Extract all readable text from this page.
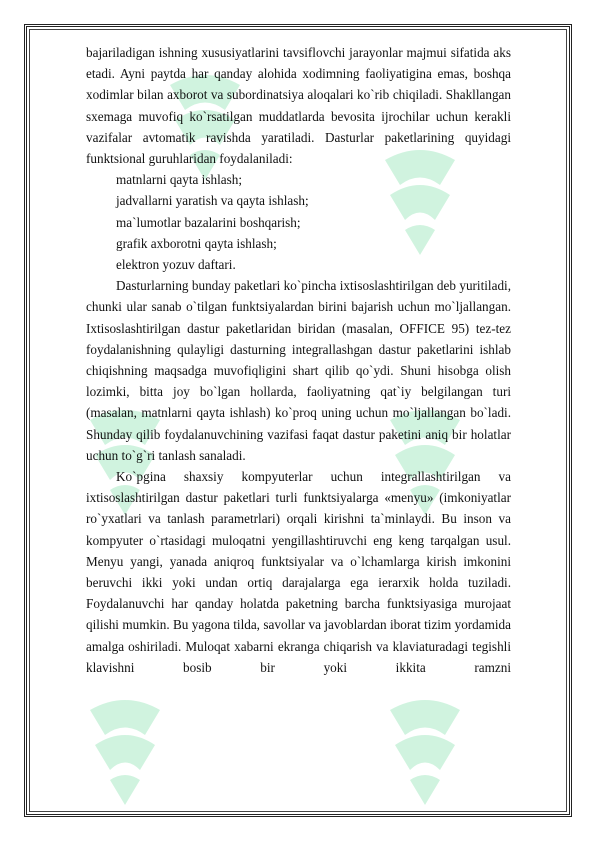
bajariladigan ishning xususiyatlarini tavsiflovchi jarayonlar majmui sifatida aks etadi. Ayni paytda har qanday alohida xodimning faoliyatigina emas, boshqa xodimlar bilan axborot va subordinatsiya aloqalari ko`rib chiqiladi. Shakllangan sxemaga muvofiq ko`rsatilgan muddatlarda bevosita ijrochilar uchun kerakli vazifalar avtomatik ravishda yaratiladi. Dasturlar paketlarining quyidagi funktsional guruhlaridan foydalaniladi:

matnlarni qayta ishlash;

jadvallarni yaratish va qayta ishlash;

ma`lumotlar bazalarini boshqarish;

grafik axborotni qayta ishlash;

elektron yozuv daftari.

Dasturlarning bunday paketlari ko`pincha ixtisoslashtirilgan deb yuritiladi, chunki ular sanab o`tilgan funktsiyalardan birini bajarish uchun mo`ljallangan. Ixtisoslashtirilgan dastur paketlaridan biridan (masalan, OFFICE 95) tez-tez foydalanishning qulayligi dasturning integrallashgan dastur paketlarini ishlab chiqishning maqsadga muvofiqligini shart qilib qo`ydi. Shuni hisobga olish lozimki, bitta joy bo`lgan hollarda, faoliyatning qat`iy belgilangan turi (masalan, matnlarni qayta ishlash) ko`proq uning uchun mo`ljallangan bo`ladi. Shunday qilib foydalanuvchining vazifasi faqat dastur paketini aniq bir holatlar uchun to`g`ri tanlash sanaladi.

Ko`pgina shaxsiy kompyuterlar uchun integrallashtirilgan va ixtisoslashtirilgan dastur paketlari turli funktsiyalarga «menyu» (imkoniyatlar ro`yxatlari va tanlash parametrlari) orqali kirishni ta`minlaydi. Bu inson va kompyuter o`rtasidagi muloqatni yengillashtiruvchi eng keng tarqalgan usul. Menyu yangi, yanada aniqroq funktsiyalar va o`lchamlarga kirish imkonini beruvchi ikki yoki undan ortiq darajalarga ega ierarxik holda tuziladi. Foydalanuvchi har qanday holatda paketning barcha funktsiyasiga murojaat qilishi mumkin. Bu yagona tilda, savollar va javoblardan iborat tizim yordamida amalga oshiriladi. Muloqat xabarni ekranga chiqarish va klaviaturadagi tegishli klavishni bosib bir yoki ikkita ramzni
